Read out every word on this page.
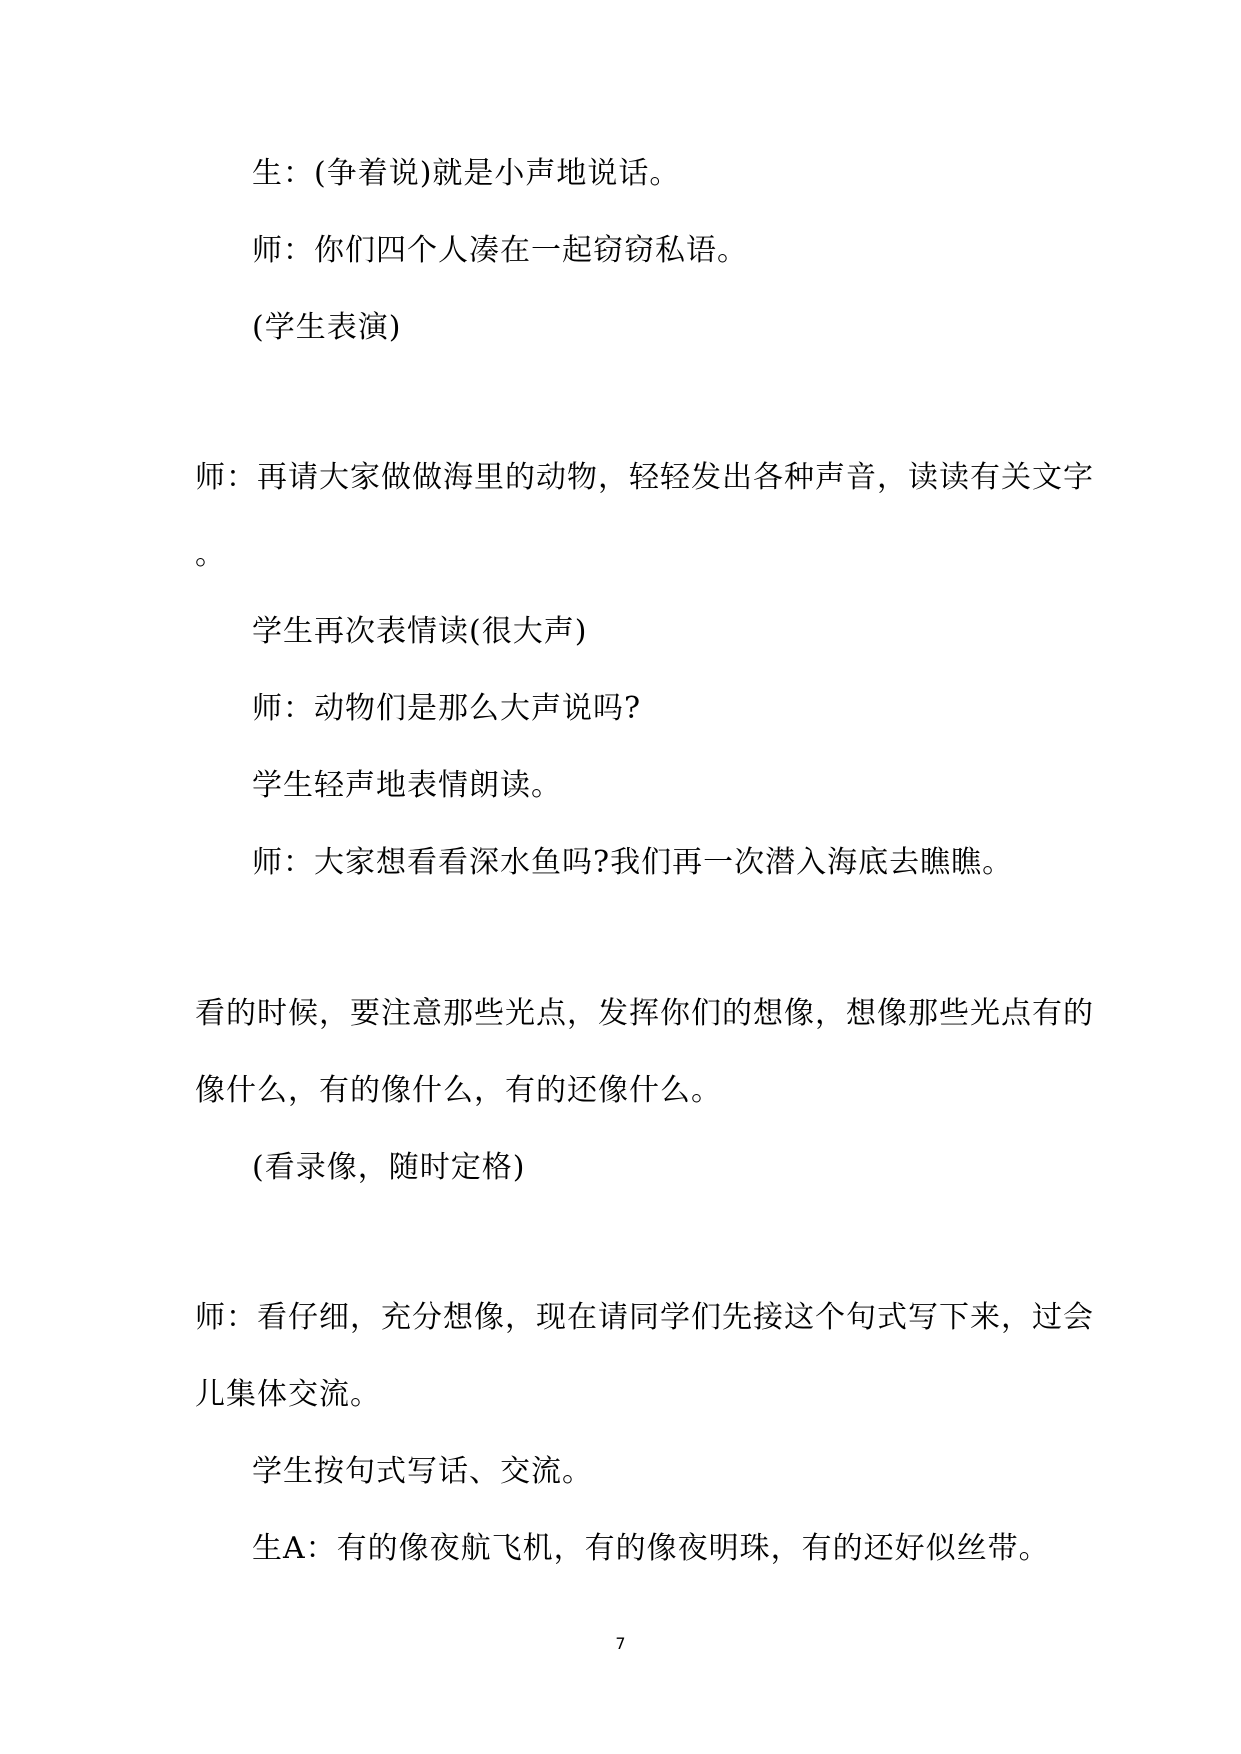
生：(争着说)就是小声地说话。
师：你们四个人凑在一起窃窃私语。
(学生表演)
师：再请大家做做海里的动物，轻轻发出各种声音，读读有关文字
。
学生再次表情读(很大声)
师：动物们是那么大声说吗?
学生轻声地表情朗读。
师：大家想看看深水鱼吗?我们再一次潜入海底去瞧瞧。
看的时候，要注意那些光点，发挥你们的想像，想像那些光点有的
像什么，有的像什么，有的还像什么。
(看录像，随时定格)
师：看仔细，充分想像，现在请同学们先接这个句式写下来，过会
儿集体交流。
学生按句式写话、交流。
生A：有的像夜航飞机，有的像夜明珠，有的还好似丝带。
7
